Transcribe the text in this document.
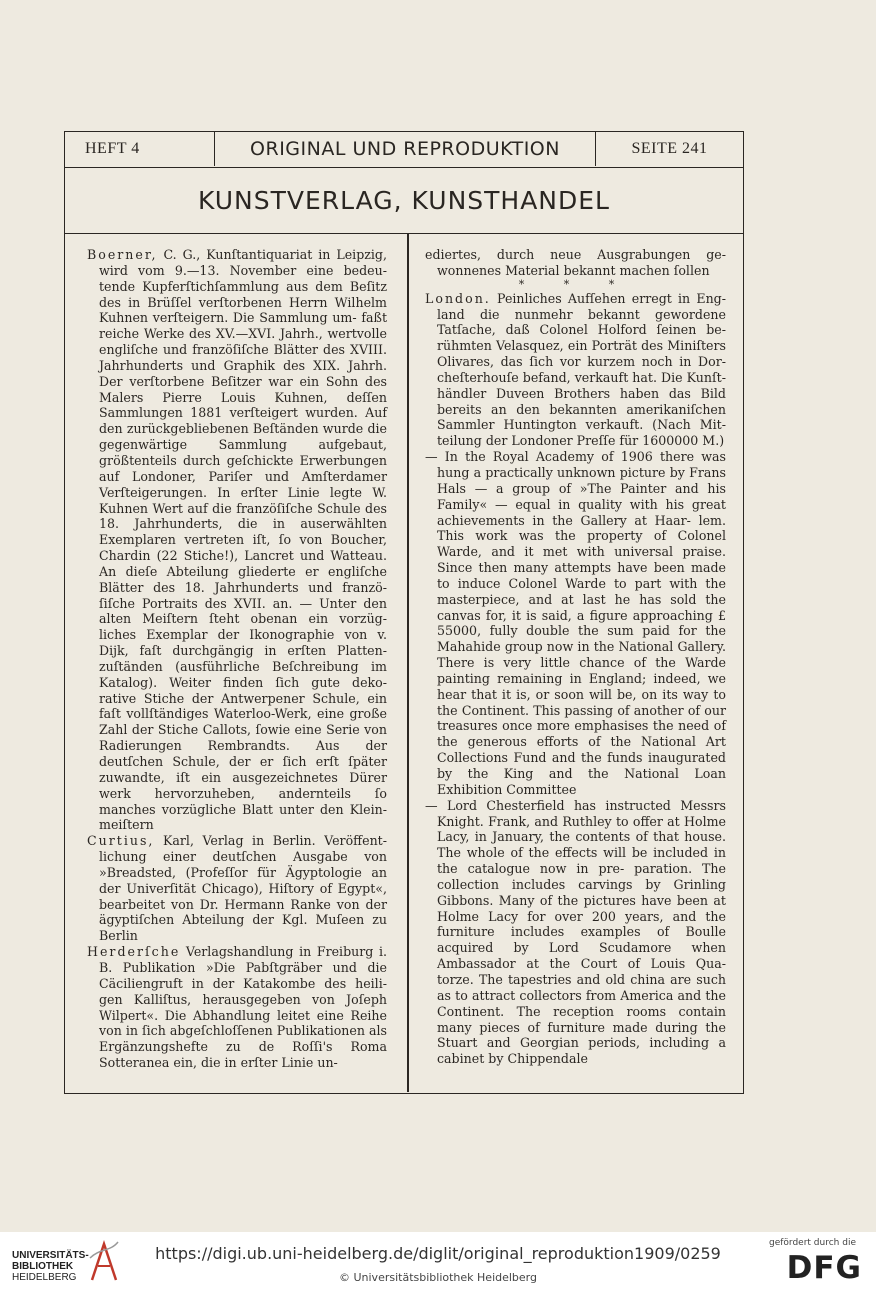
HEFT 4	ORIGINAL UND REPRODUKTION	SEITE 241
KUNSTVERLAG, KUNSTHANDEL

Boerner, C. G., Kunſtantiquariat in Leipzig, wird vom 9.—13. November eine bedeu- tende Kupferſtichſammlung aus dem Beſitz des in Brüſſel verſtorbenen Herrn Wilhelm Kuhnen verſteigern. Die Sammlung um- faßt reiche Werke des XV.—XVI. Jahrh., wertvolle engliſche und franzöſiſche Blätter des XVIII. Jahrhunderts und Graphik des XIX. Jahrh. Der verſtorbene Beſitzer war ein Sohn des Malers Pierre Louis Kuhnen, deſſen Sammlungen 1881 verſteigert wurden. Auf den zurückgebliebenen Beſtänden wurde die gegenwärtige Sammlung aufgebaut, größtenteils durch geſchickte Erwerbungen auf Londoner, Pariſer und Amſterdamer Verſteigerungen. In erſter Linie legte W. Kuhnen Wert auf die franzöſiſche Schule des 18. Jahrhunderts, die in auserwählten Exemplaren vertreten iſt, ſo von Boucher, Chardin (22 Stiche!), Lancret und Watteau. An dieſe Abteilung gliederte er engliſche Blätter des 18. Jahrhunderts und franzö- ſiſche Portraits des XVII. an. — Unter den alten Meiſtern ſteht obenan ein vorzüg- liches Exemplar der Ikonographie von v. Dijk, faſt durchgängig in erſten Platten- zuſtänden (ausführliche Beſchreibung im Katalog). Weiter finden ſich gute deko- rative Stiche der Antwerpener Schule, ein faſt vollſtändiges Waterloo-Werk, eine große Zahl der Stiche Callots, ſowie eine Serie von Radierungen Rembrandts. Aus der deutſchen Schule, der er ſich erſt ſpäter zuwandte, iſt ein ausgezeichnetes Dürer werk hervorzuheben, andernteils ſo manches vorzügliche Blatt unter den Klein- meiſtern

Curtius, Karl, Verlag in Berlin. Veröffent- lichung einer deutſchen Ausgabe von »Breadsted, (Profeſſor für Ägyptologie an der Univerſität Chicago), Hiſtory of Egypt«, bearbeitet von Dr. Hermann Ranke von der ägyptiſchen Abteilung der Kgl. Muſeen zu Berlin

Herderſche Verlagshandlung in Freiburg i. B. Publikation »Die Pabſtgräber und die Cäciliengruft in der Katakombe des heili- gen Kalliſtus, herausgegeben von Joſeph Wilpert«. Die Abhandlung leitet eine Reihe von in ſich abgeſchloſſenen Publikationen als Ergänzungshefte zu de Roſſi's Roma Sotteranea ein, die in erſter Linie un-

ediertes, durch neue Ausgrabungen ge- wonnenes Material bekannt machen ſollen

* * *

London. Peinliches Aufſehen erregt in Eng- land die nunmehr bekannt gewordene Tatſache, daß Colonel Holford ſeinen be- rühmten Velasquez, ein Porträt des Miniſters Olivares, das ſich vor kurzem noch in Dor- cheſterhouſe befand, verkauft hat. Die Kunſt- händler Duveen Brothers haben das Bild bereits an den bekannten amerikaniſchen Sammler Huntington verkauft. (Nach Mit- teilung der Londoner Preſſe für 1600000 M.)

— In the Royal Academy of 1906 there was hung a practically unknown picture by Frans Hals — a group of »The Painter and his Family« — equal in quality with his great achievements in the Gallery at Haar- lem. This work was the property of Colonel Warde, and it met with universal praise. Since then many attempts have been made to induce Colonel Warde to part with the masterpiece, and at last he has sold the canvas for, it is said, a figure approaching £ 55000, fully double the sum paid for the Mahahide group now in the National Gallery. There is very little chance of the Warde painting remaining in England; indeed, we hear that it is, or soon will be, on its way to the Continent. This passing of another of our treasures once more emphasises the need of the generous efforts of the National Art Collections Fund and the funds inaugurated by the King and the National Loan Exhibition Committee

— Lord Chesterfield has instructed Messrs Knight. Frank, and Ruthley to offer at Holme Lacy, in January, the contents of that house. The whole of the effects will be included in the catalogue now in pre- paration. The collection includes carvings by Grinling Gibbons. Many of the pictures have been at Holme Lacy for over 200 years, and the furniture includes examples of Boulle acquired by Lord Scudamore when Ambassador at the Court of Louis Qua- torze. The tapestries and old china are such as to attract collectors from America and the Continent. The reception rooms contain many pieces of furniture made during the Stuart and Georgian periods, including a cabinet by Chippendale

UNIVERSITÄTS-
BIBLIOTHEK
HEIDELBERG
https://digi.ub.uni-heidelberg.de/diglit/original_reproduktion1909/0259
© Universitätsbibliothek Heidelberg
gefördert durch die
DFG
